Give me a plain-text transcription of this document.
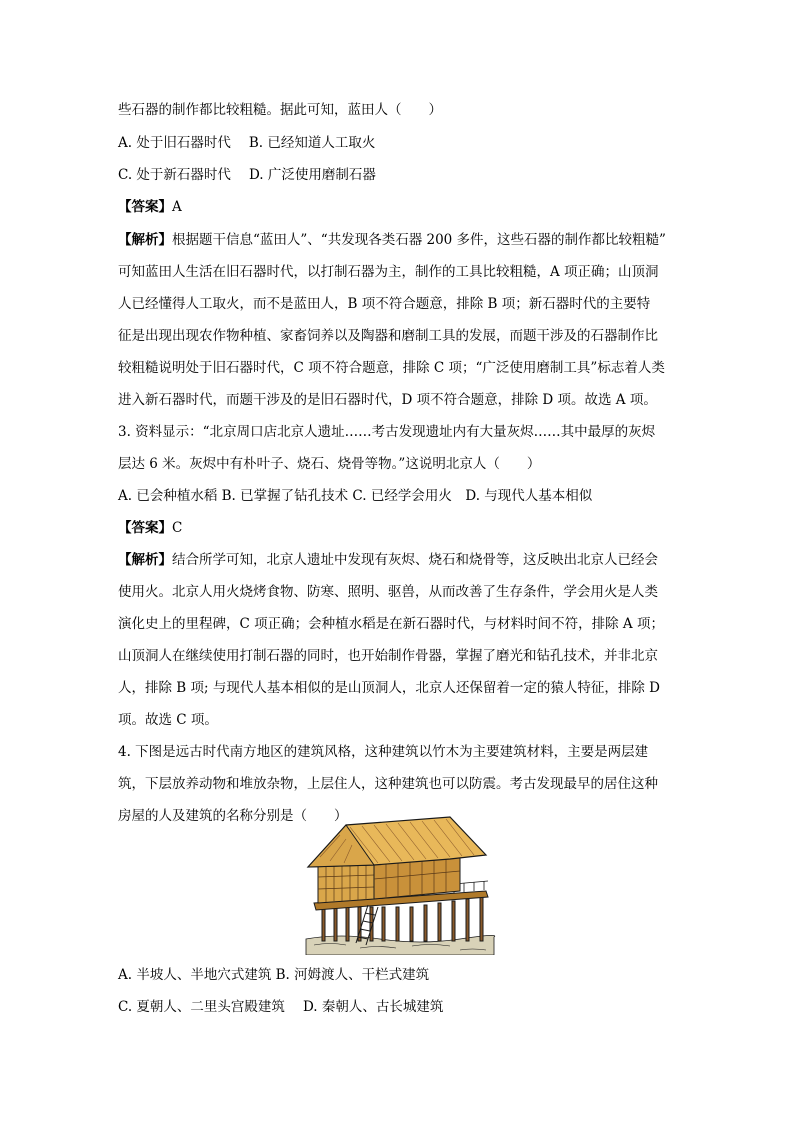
些石器的制作都比较粗糙。据此可知，蓝田人（　　）
A. 处于旧石器时代 B. 已经知道人工取火
C. 处于新石器时代 D. 广泛使用磨制石器
【答案】A
【解析】根据题干信息“蓝田人”、“共发现各类石器 200 多件，这些石器的制作都比较粗糙”
可知蓝田人生活在旧石器时代，以打制石器为主，制作的工具比较粗糙，A 项正确；山顶洞
人已经懂得人工取火，而不是蓝田人，B 项不符合题意，排除 B 项；新石器时代的主要特
征是出现出现农作物种植、家畜饲养以及陶器和磨制工具的发展，而题干涉及的石器制作比
较粗糙说明处于旧石器时代，C 项不符合题意，排除 C 项；“广泛使用磨制工具”标志着人类
进入新石器时代，而题干涉及的是旧石器时代，D 项不符合题意，排除 D 项。故选 A 项。
3. 资料显示：“北京周口店北京人遗址……考古发现遗址内有大量灰烬……其中最厚的灰烬
层达 6 米。灰烬中有朴叶子、烧石、烧骨等物。”这说明北京人（　　）
A. 已会种植水稻 B. 已掌握了钻孔技术 C. 已经学会用火　D. 与现代人基本相似
【答案】C
【解析】结合所学可知，北京人遗址中发现有灰烬、烧石和烧骨等，这反映出北京人已经会
使用火。北京人用火烧烤食物、防寒、照明、驱兽，从而改善了生存条件，学会用火是人类
演化史上的里程碑，C 项正确；会种植水稻是在新石器时代，与材料时间不符，排除 A 项；
山顶洞人在继续使用打制石器的同时，也开始制作骨器，掌握了磨光和钻孔技术，并非北京
人，排除 B 项; 与现代人基本相似的是山顶洞人，北京人还保留着一定的猿人特征，排除 D
项。故选 C 项。
4. 下图是远古时代南方地区的建筑风格，这种建筑以竹木为主要建筑材料，主要是两层建
筑，下层放养动物和堆放杂物，上层住人，这种建筑也可以防震。考古发现最早的居住这种
房屋的人及建筑的名称分别是（　　）
A. 半坡人、半地穴式建筑 B. 河姆渡人、干栏式建筑
C. 夏朝人、二里头宫殿建筑 D. 秦朝人、古长城建筑
